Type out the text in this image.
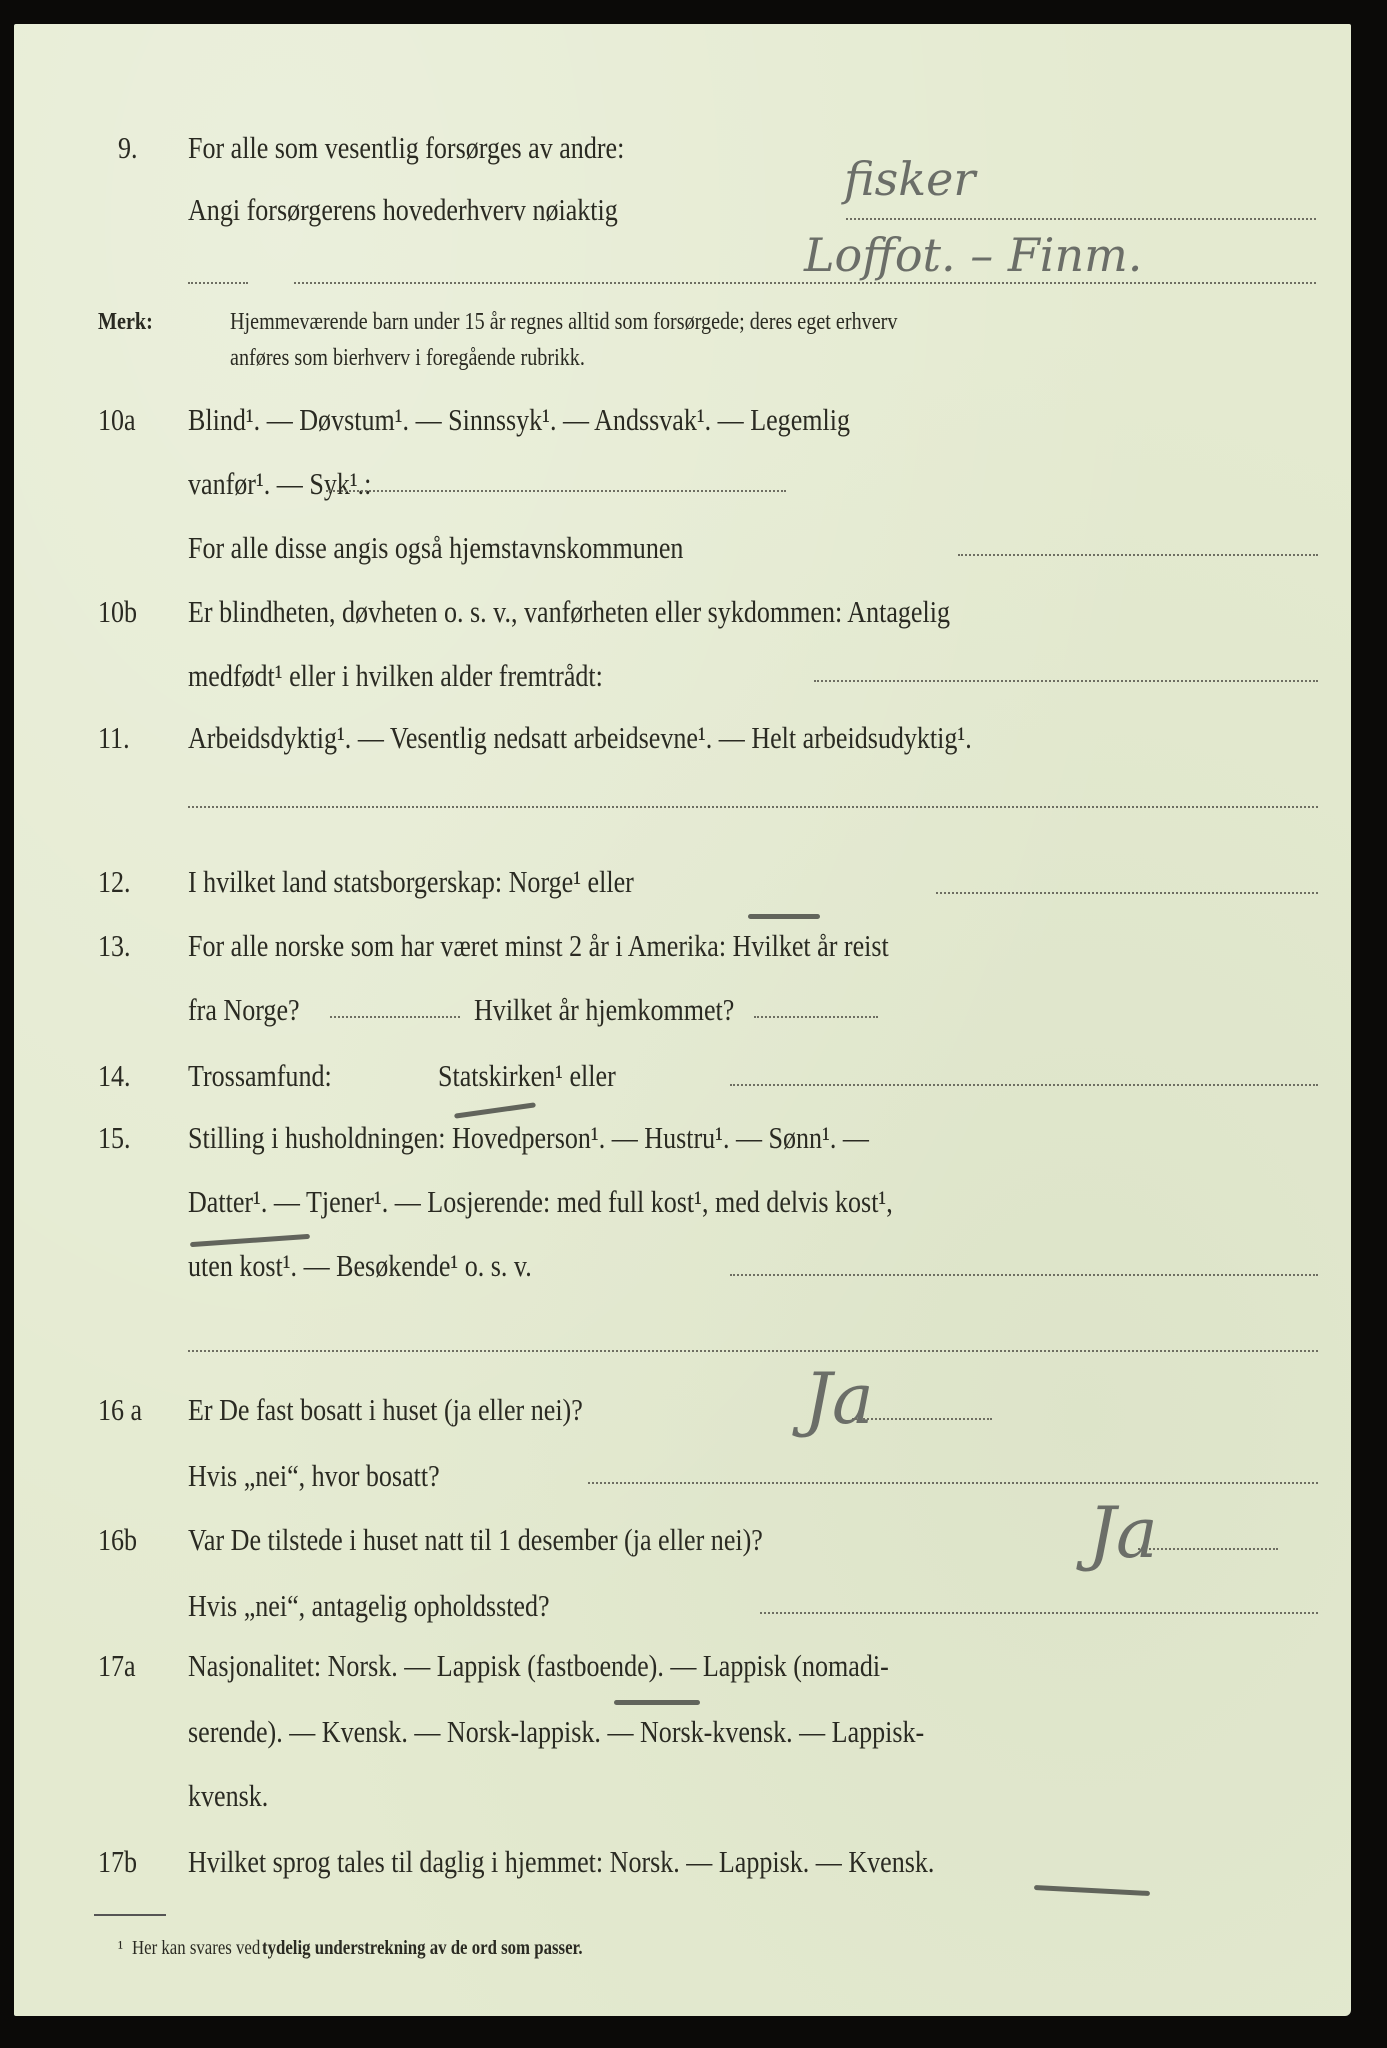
9. For alle som vesentlig forsørges av andre:
Angi forsørgerens hovederhverv nøiaktig
fisker
Loffot. – Finm.
Merk:	Hjemmeværende barn under 15 år regnes alltid som forsørgede; deres eget erhverv
anføres som bierhverv i foregående rubrikk.
10a Blind¹. — Døvstum¹. — Sinnssyk¹. — Andssvak¹. — Legemlig
vanfør¹. — Syk¹.:
For alle disse angis også hjemstavnskommunen
10b Er blindheten, døvheten o. s. v., vanførheten eller sykdommen: Antagelig
medfødt¹ eller i hvilken alder fremtrådt:
11. Arbeidsdyktig¹. — Vesentlig nedsatt arbeidsevne¹. — Helt arbeidsudyktig¹.
12. I hvilket land statsborgerskap: Norge¹ eller
13. For alle norske som har været minst 2 år i Amerika: Hvilket år reist
fra Norge?	Hvilket år hjemkommet?
14. Trossamfund:	Statskirken¹ eller
15. Stilling i husholdningen: Hovedperson¹. — Hustru¹. — Sønn¹. —
Datter¹. — Tjener¹. — Losjerende: med full kost¹, med delvis kost¹,
uten kost¹. — Besøkende¹ o. s. v.
16 a Er De fast bosatt i huset (ja eller nei)?	Ja
Hvis „nei“, hvor bosatt?
16b Var De tilstede i huset natt til 1 desember (ja eller nei)?	Ja
Hvis „nei“, antagelig opholdssted?
17a Nasjonalitet: Norsk. — Lappisk (fastboende). — Lappisk (nomadi-
serende). — Kvensk. — Norsk-lappisk. — Norsk-kvensk. — Lappisk-
kvensk.
17b Hvilket sprog tales til daglig i hjemmet: Norsk. — Lappisk. — Kvensk.
¹ Her kan svares ved tydelig understrekning av de ord som passer.
